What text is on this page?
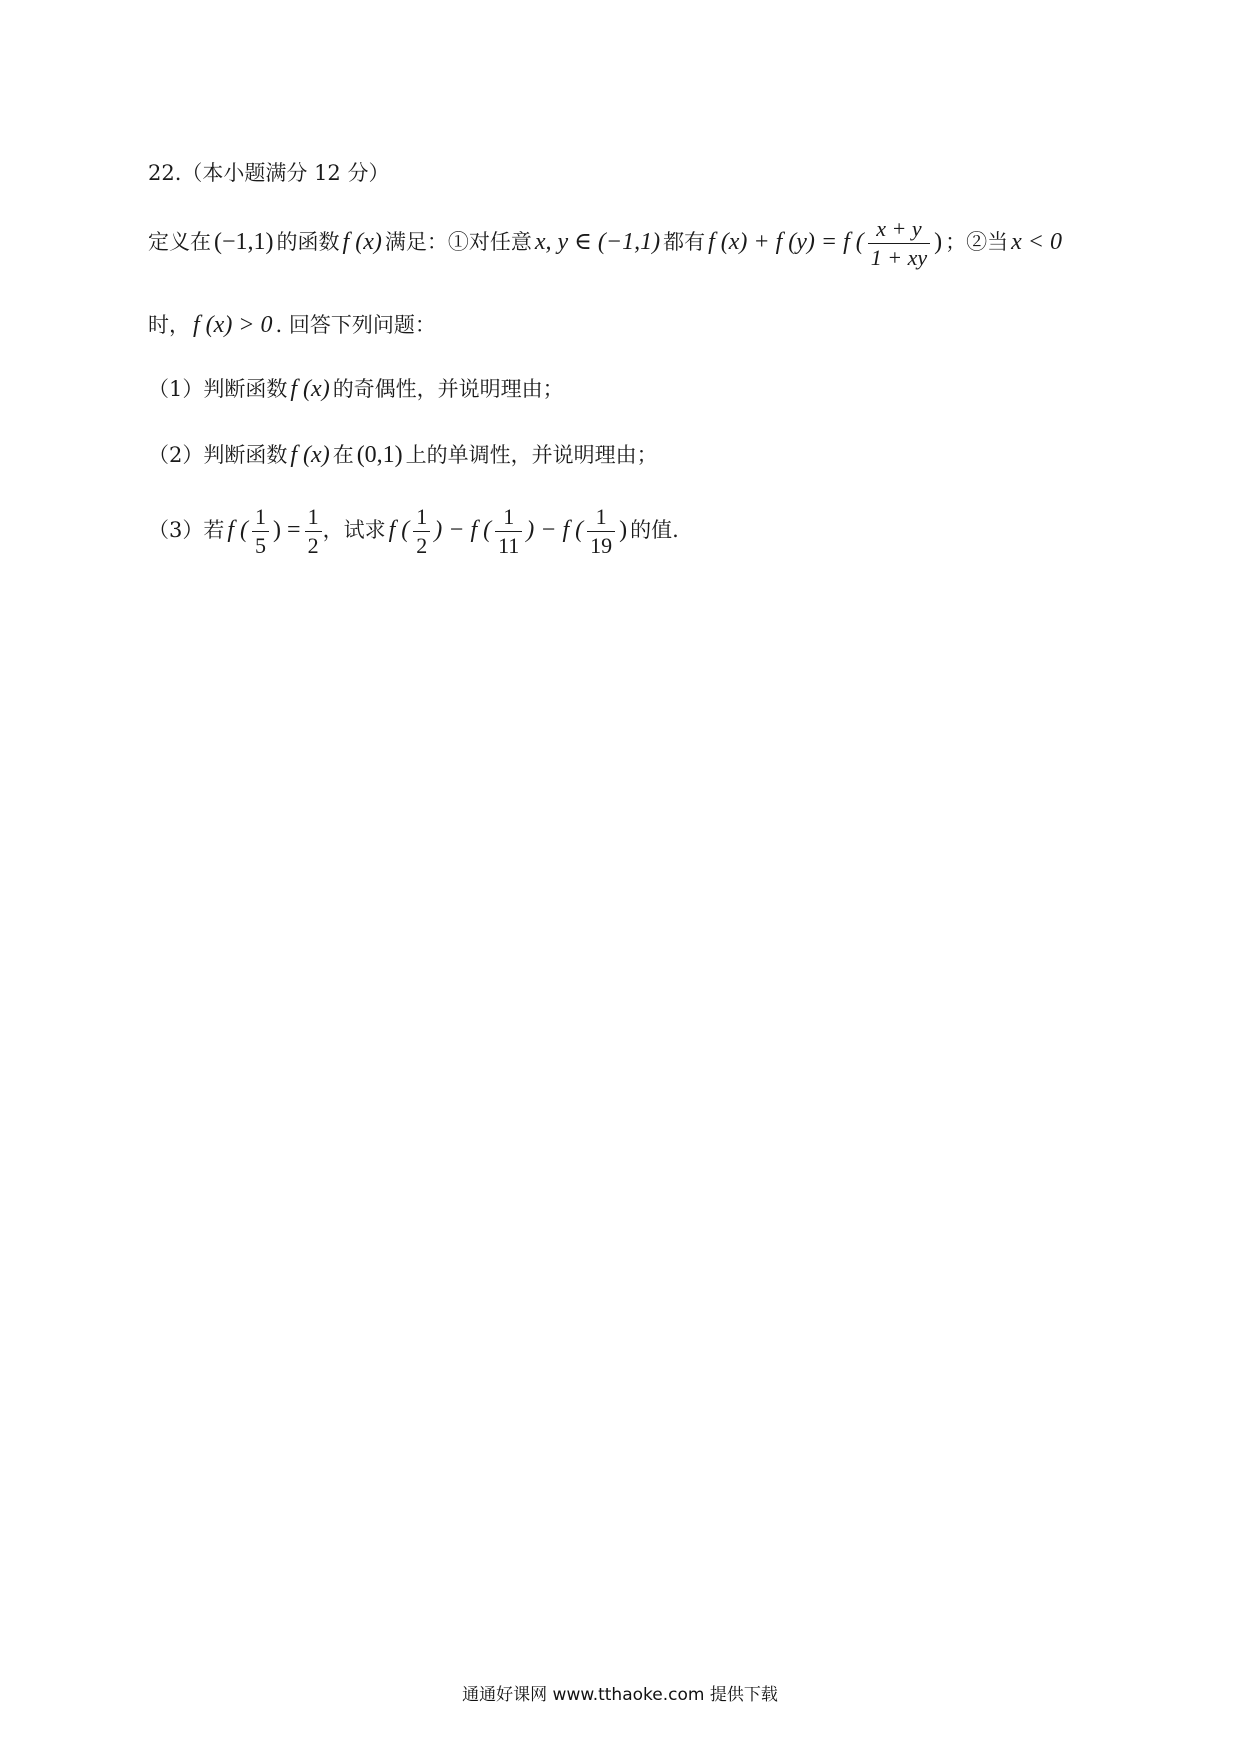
22.（本小题满分 12 分）
定义在 (−1,1) 的函数 f (x) 满足：①对任意 x, y ∈ (−1,1) 都有 f (x) + f (y) = f ( $\frac{x + y}{1 + xy}$ ) ；②当 x < 0
时， f (x) > 0 . 回答下列问题：
（1）判断函数 f (x) 的奇偶性，并说明理由；
（2）判断函数 f (x) 在 (0,1) 上的单调性，并说明理由；
（3）若 f ( $\frac{1}{5}$ ) = $\frac{1}{2}$ ，试求 f ( $\frac{1}{2}$ ) − f ( $\frac{1}{11}$ ) − f ( $\frac{1}{19}$ ) 的值.
通通好课网 www.tthaoke.com 提供下载
